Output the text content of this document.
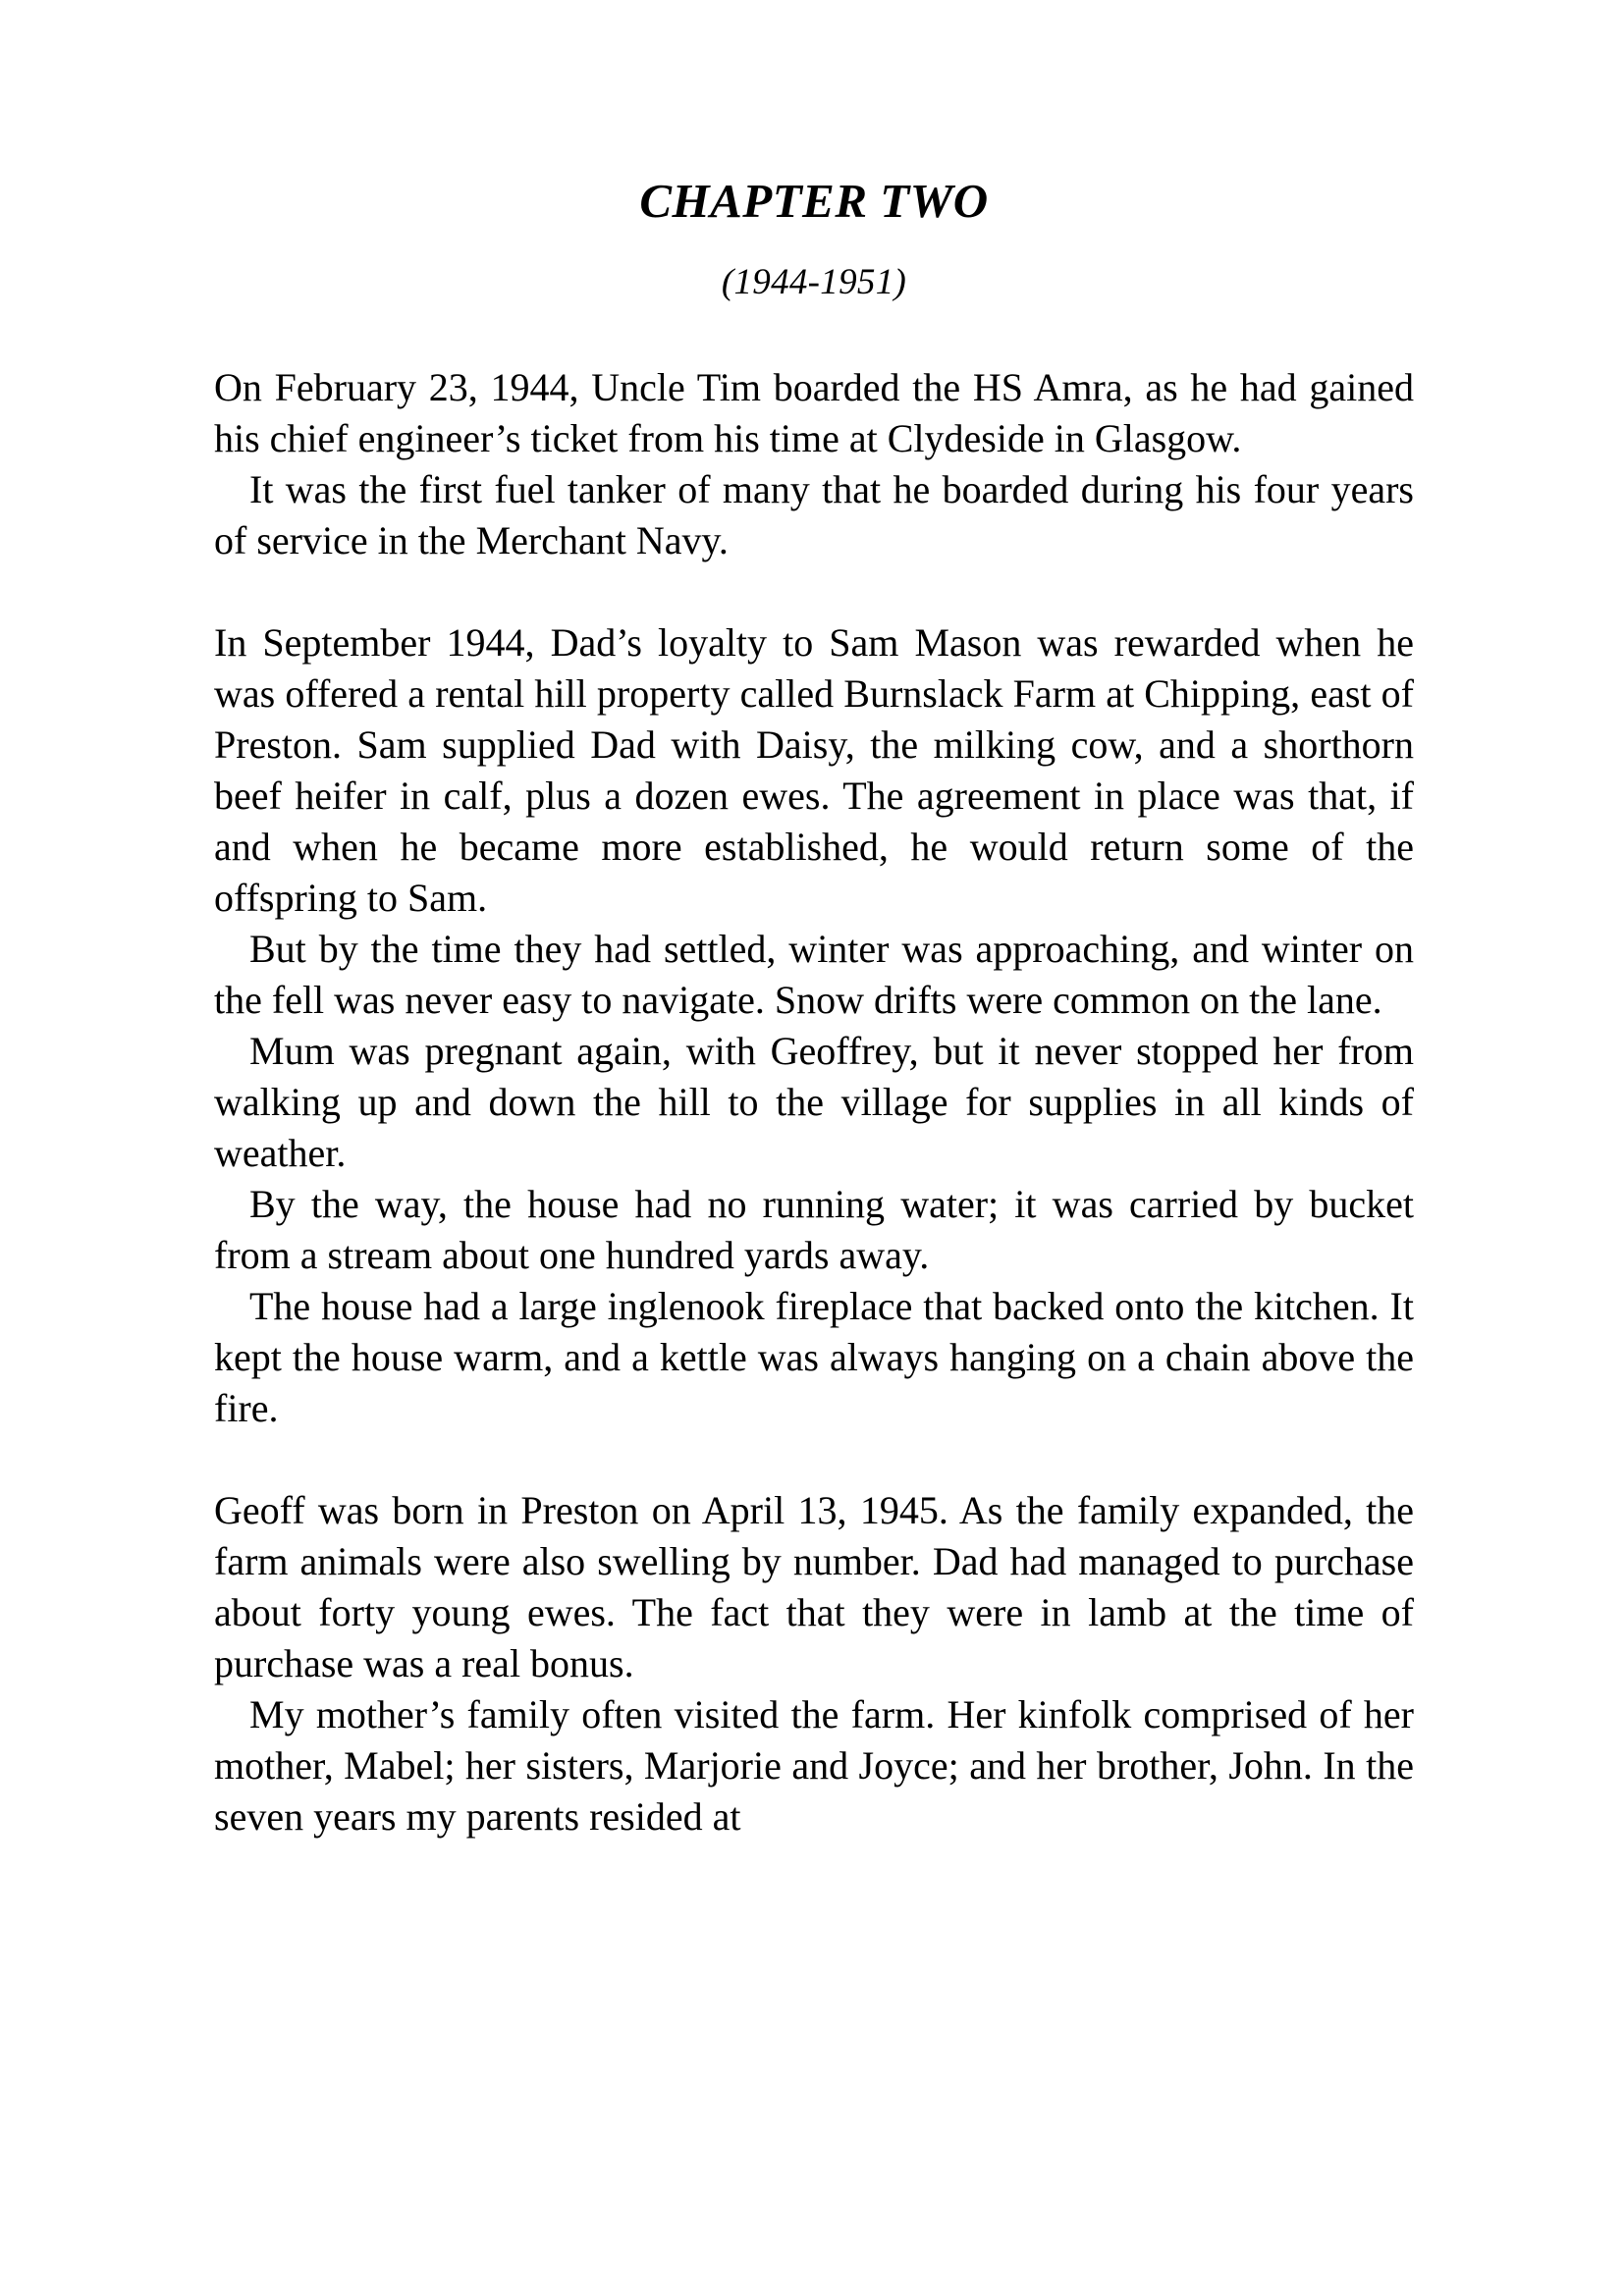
CHAPTER TWO
(1944-1951)

On February 23, 1944, Uncle Tim boarded the HS Amra, as he had gained his chief engineer’s ticket from his time at Clydeside in Glasgow.

It was the first fuel tanker of many that he boarded during his four years of service in the Merchant Navy.

In September 1944, Dad’s loyalty to Sam Mason was rewarded when he was offered a rental hill property called Burnslack Farm at Chipping, east of Preston. Sam supplied Dad with Daisy, the milking cow, and a shorthorn beef heifer in calf, plus a dozen ewes. The agreement in place was that, if and when he became more established, he would return some of the offspring to Sam.

But by the time they had settled, winter was approaching, and winter on the fell was never easy to navigate. Snow drifts were common on the lane.

Mum was pregnant again, with Geoffrey, but it never stopped her from walking up and down the hill to the village for supplies in all kinds of weather.

By the way, the house had no running water; it was carried by bucket from a stream about one hundred yards away.

The house had a large inglenook fireplace that backed onto the kitchen. It kept the house warm, and a kettle was always hanging on a chain above the fire.

Geoff was born in Preston on April 13, 1945. As the family expanded, the farm animals were also swelling by number. Dad had managed to purchase about forty young ewes. The fact that they were in lamb at the time of purchase was a real bonus.

My mother’s family often visited the farm. Her kinfolk comprised of her mother, Mabel; her sisters, Marjorie and Joyce; and her brother, John. In the seven years my parents resided at
